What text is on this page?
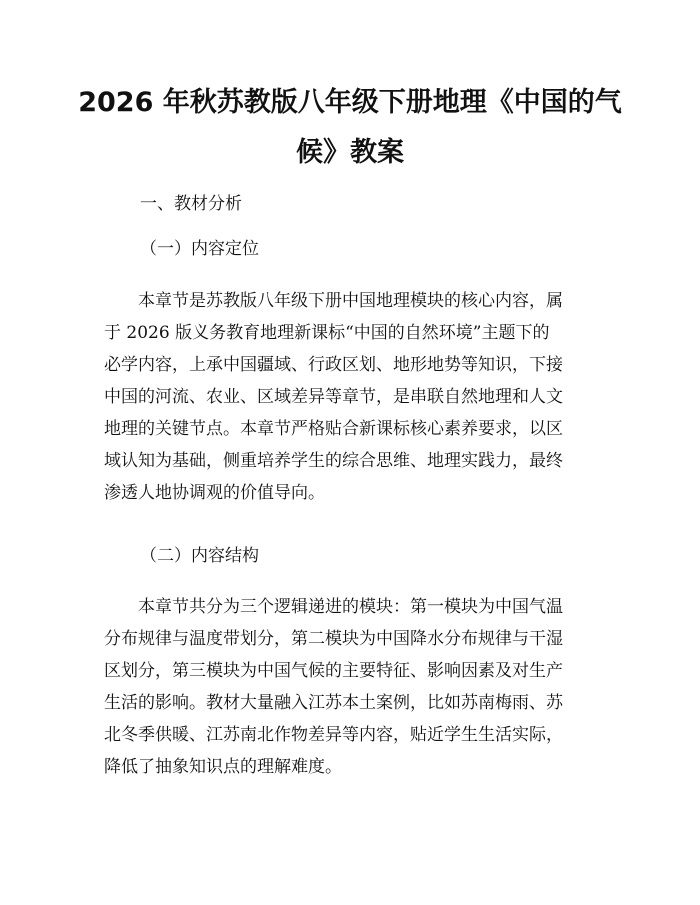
2026 年秋苏教版八年级下册地理《中国的气
候》教案

一、教材分析

（一）内容定位

　　本章节是苏教版八年级下册中国地理模块的核心内容，属
于 2026 版义务教育地理新课标“中国的自然环境”主题下的
必学内容，上承中国疆域、行政区划、地形地势等知识，下接
中国的河流、农业、区域差异等章节，是串联自然地理和人文
地理的关键节点。本章节严格贴合新课标核心素养要求，以区
域认知为基础，侧重培养学生的综合思维、地理实践力，最终
渗透人地协调观的价值导向。

（二）内容结构

　　本章节共分为三个逻辑递进的模块：第一模块为中国气温
分布规律与温度带划分，第二模块为中国降水分布规律与干湿
区划分，第三模块为中国气候的主要特征、影响因素及对生产
生活的影响。教材大量融入江苏本土案例，比如苏南梅雨、苏
北冬季供暖、江苏南北作物差异等内容，贴近学生生活实际，
降低了抽象知识点的理解难度。
